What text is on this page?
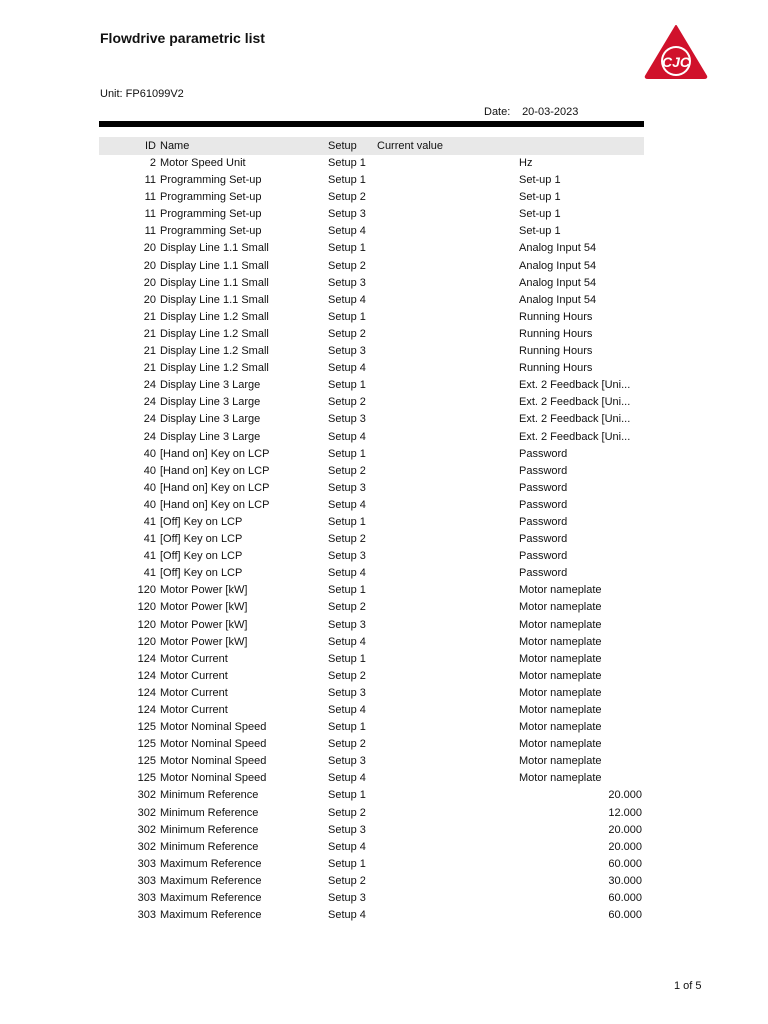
Flowdrive parametric list
CJC
Unit: FP61099V2
Date: 20-03-2023
ID Name	Setup Current value
2 Motor Speed Unit	Setup 1	Hz
11 Programming Set-up	Setup 1	Set-up 1
11 Programming Set-up	Setup 2	Set-up 1
11 Programming Set-up	Setup 3	Set-up 1
11 Programming Set-up	Setup 4	Set-up 1
20 Display Line 1.1 Small	Setup 1	Analog Input 54
20 Display Line 1.1 Small	Setup 2	Analog Input 54
20 Display Line 1.1 Small	Setup 3	Analog Input 54
20 Display Line 1.1 Small	Setup 4	Analog Input 54
21 Display Line 1.2 Small	Setup 1	Running Hours
21 Display Line 1.2 Small	Setup 2	Running Hours
21 Display Line 1.2 Small	Setup 3	Running Hours
21 Display Line 1.2 Small	Setup 4	Running Hours
24 Display Line 3 Large	Setup 1	Ext. 2 Feedback [Uni...
24 Display Line 3 Large	Setup 2	Ext. 2 Feedback [Uni...
24 Display Line 3 Large	Setup 3	Ext. 2 Feedback [Uni...
24 Display Line 3 Large	Setup 4	Ext. 2 Feedback [Uni...
40 [Hand on] Key on LCP	Setup 1	Password
40 [Hand on] Key on LCP	Setup 2	Password
40 [Hand on] Key on LCP	Setup 3	Password
40 [Hand on] Key on LCP	Setup 4	Password
41 [Off] Key on LCP	Setup 1	Password
41 [Off] Key on LCP	Setup 2	Password
41 [Off] Key on LCP	Setup 3	Password
41 [Off] Key on LCP	Setup 4	Password
120 Motor Power [kW]	Setup 1	Motor nameplate
120 Motor Power [kW]	Setup 2	Motor nameplate
120 Motor Power [kW]	Setup 3	Motor nameplate
120 Motor Power [kW]	Setup 4	Motor nameplate
124 Motor Current	Setup 1	Motor nameplate
124 Motor Current	Setup 2	Motor nameplate
124 Motor Current	Setup 3	Motor nameplate
124 Motor Current	Setup 4	Motor nameplate
125 Motor Nominal Speed	Setup 1	Motor nameplate
125 Motor Nominal Speed	Setup 2	Motor nameplate
125 Motor Nominal Speed	Setup 3	Motor nameplate
125 Motor Nominal Speed	Setup 4	Motor nameplate
302 Minimum Reference	Setup 1	20.000
302 Minimum Reference	Setup 2	12.000
302 Minimum Reference	Setup 3	20.000
302 Minimum Reference	Setup 4	20.000
303 Maximum Reference	Setup 1	60.000
303 Maximum Reference	Setup 2	30.000
303 Maximum Reference	Setup 3	60.000
303 Maximum Reference	Setup 4	60.000
1 of 5
